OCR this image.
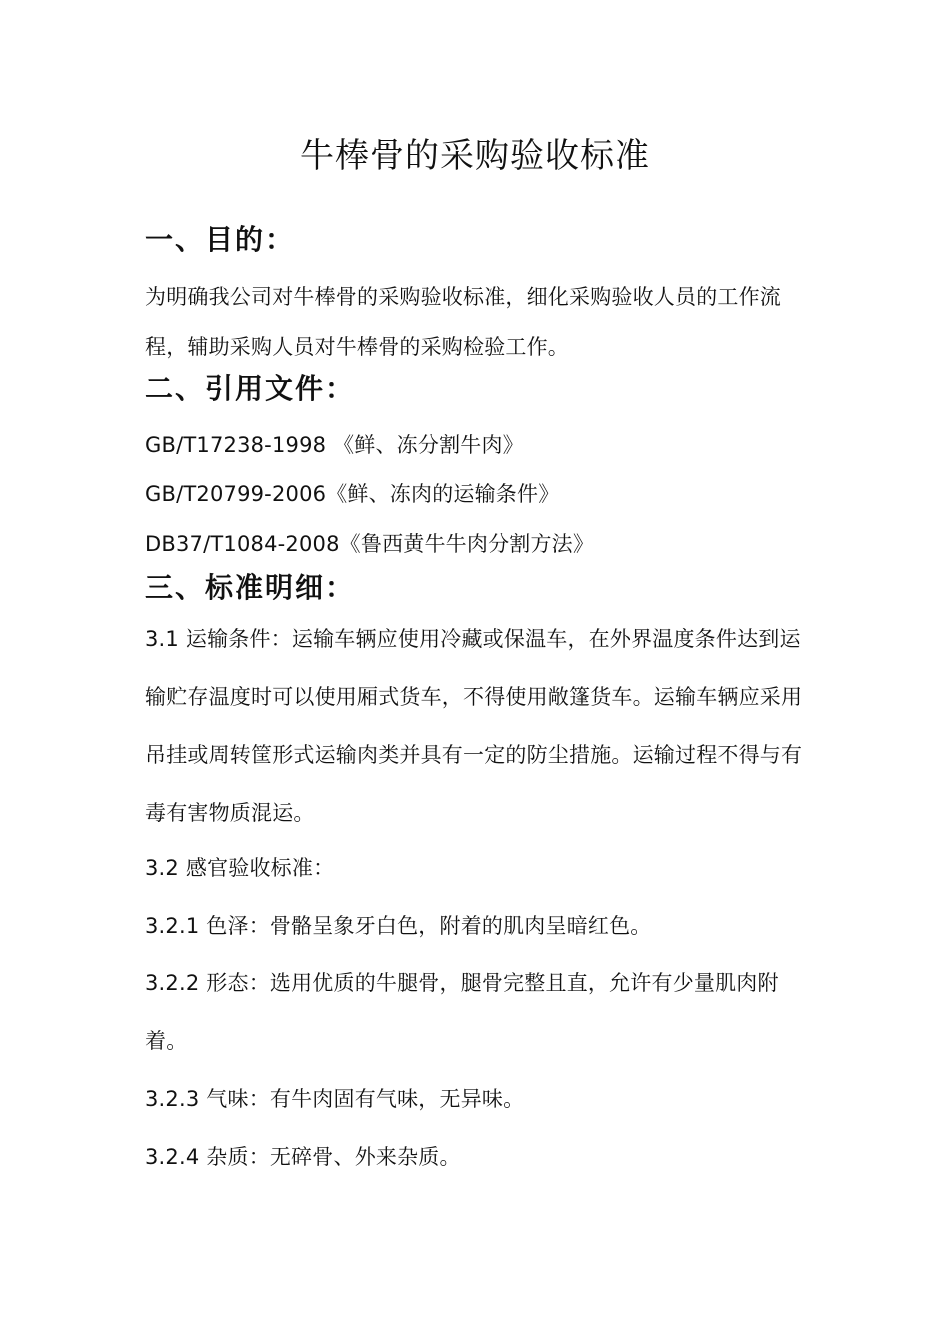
牛棒骨的采购验收标准
一、目的：
为明确我公司对牛棒骨的采购验收标准，细化采购验收人员的工作流程，辅助采购人员对牛棒骨的采购检验工作。
二、引用文件：
GB/T17238-1998 《鲜、冻分割牛肉》
GB/T20799-2006《鲜、冻肉的运输条件》
DB37/T1084-2008《鲁西黄牛牛肉分割方法》
三、标准明细：
3.1 运输条件：运输车辆应使用冷藏或保温车，在外界温度条件达到运输贮存温度时可以使用厢式货车，不得使用敞篷货车。运输车辆应采用吊挂或周转筐形式运输肉类并具有一定的防尘措施。运输过程不得与有毒有害物质混运。
3.2 感官验收标准：
3.2.1 色泽：骨骼呈象牙白色，附着的肌肉呈暗红色。
3.2.2 形态：选用优质的牛腿骨，腿骨完整且直，允许有少量肌肉附着。
3.2.3 气味：有牛肉固有气味，无异味。
3.2.4 杂质：无碎骨、外来杂质。
